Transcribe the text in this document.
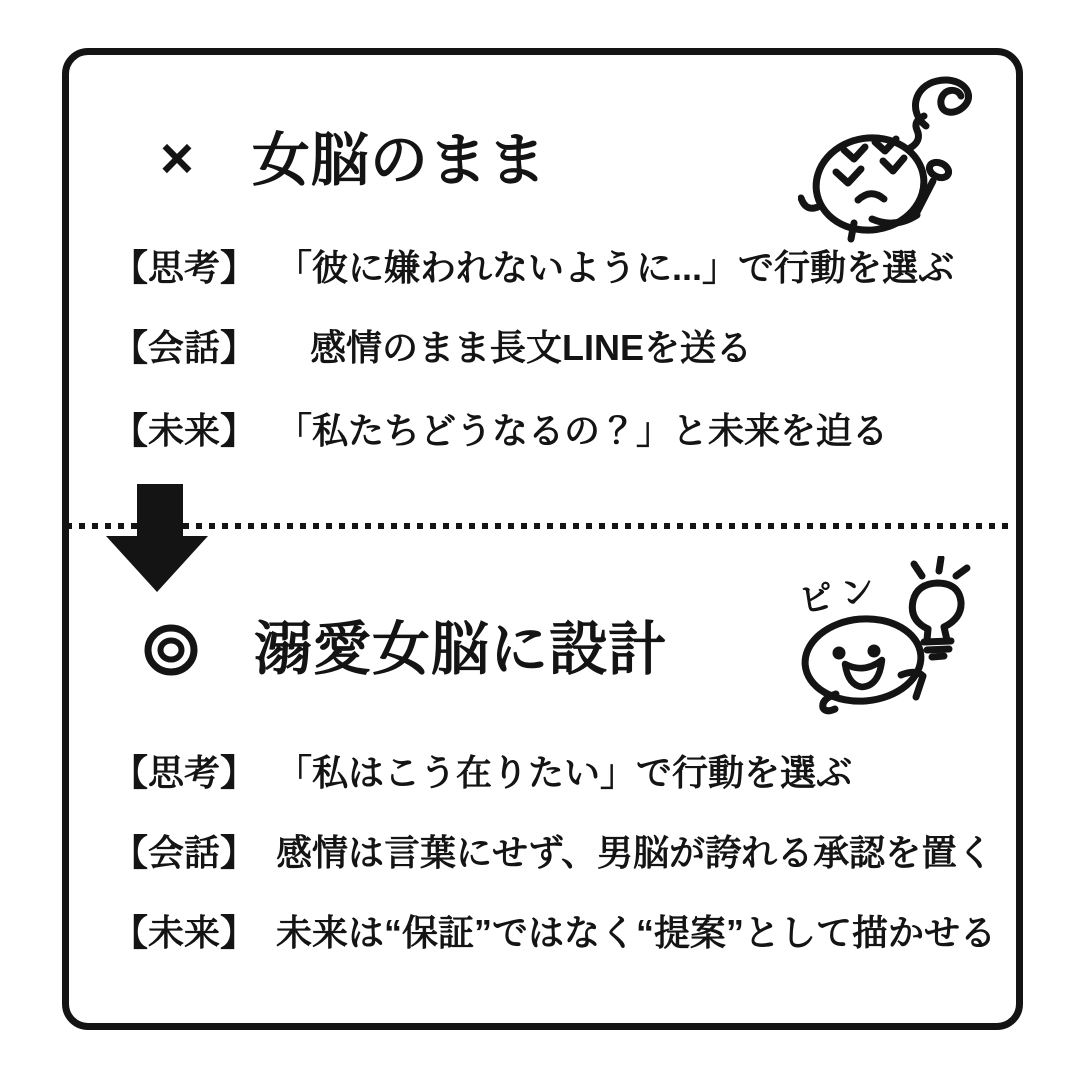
× 女脳のまま
【思考】 「彼に嫌われないように...」で行動を選ぶ
【会話】 感情のまま長文LINEを送る
【未来】 「私たちどうなるの？」と未来を迫る
溺愛女脳に設計
ピン
【思考】 「私はこう在りたい」で行動を選ぶ
【会話】 感情は言葉にせず、男脳が誇れる承認を置く
【未来】 未来は“保証”ではなく“提案”として描かせる
